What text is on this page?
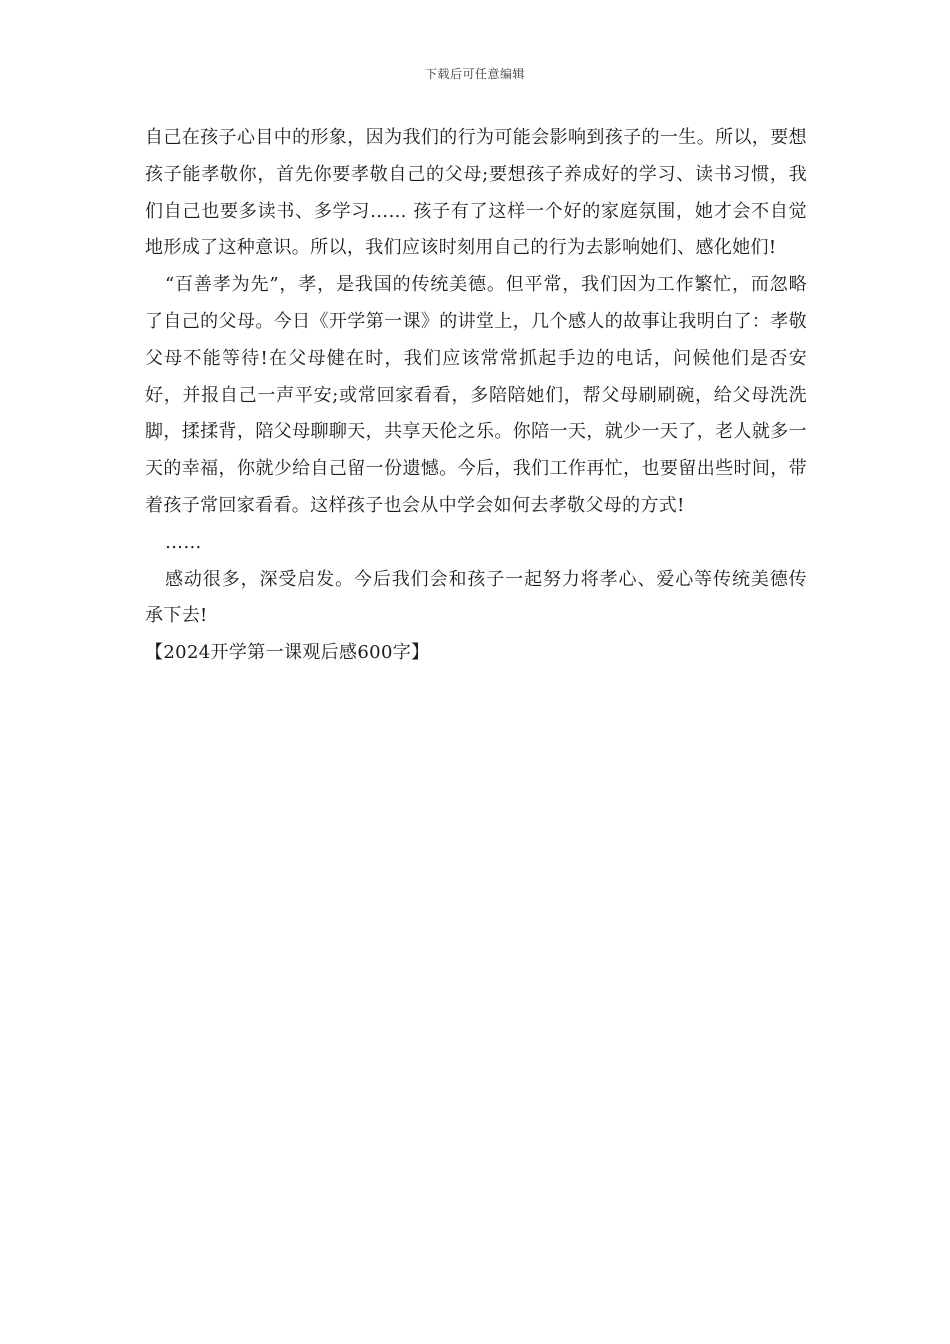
下载后可任意编辑

自己在孩子心目中的形象，因为我们的行为可能会影响到孩子的一生。所以，要想孩子能孝敬你，首先你要孝敬自己的父母;要想孩子养成好的学习、读书习惯，我们自己也要多读书、多学习…… 孩子有了这样一个好的家庭氛围，她才会不自觉地形成了这种意识。所以，我们应该时刻用自己的行为去影响她们、感化她们!

“百善孝为先”，孝，是我国的传统美德。但平常，我们因为工作繁忙，而忽略了自己的父母。今日《开学第一课》的讲堂上，几个感人的故事让我明白了：孝敬父母不能等待!在父母健在时，我们应该常常抓起手边的电话，问候他们是否安好，并报自己一声平安;或常回家看看，多陪陪她们，帮父母刷刷碗，给父母洗洗脚，揉揉背，陪父母聊聊天，共享天伦之乐。你陪一天，就少一天了，老人就多一天的幸福，你就少给自己留一份遗憾。今后，我们工作再忙，也要留出些时间，带着孩子常回家看看。这样孩子也会从中学会如何去孝敬父母的方式!

……

感动很多，深受启发。今后我们会和孩子一起努力将孝心、爱心等传统美德传承下去!

【2024开学第一课观后感600字】
